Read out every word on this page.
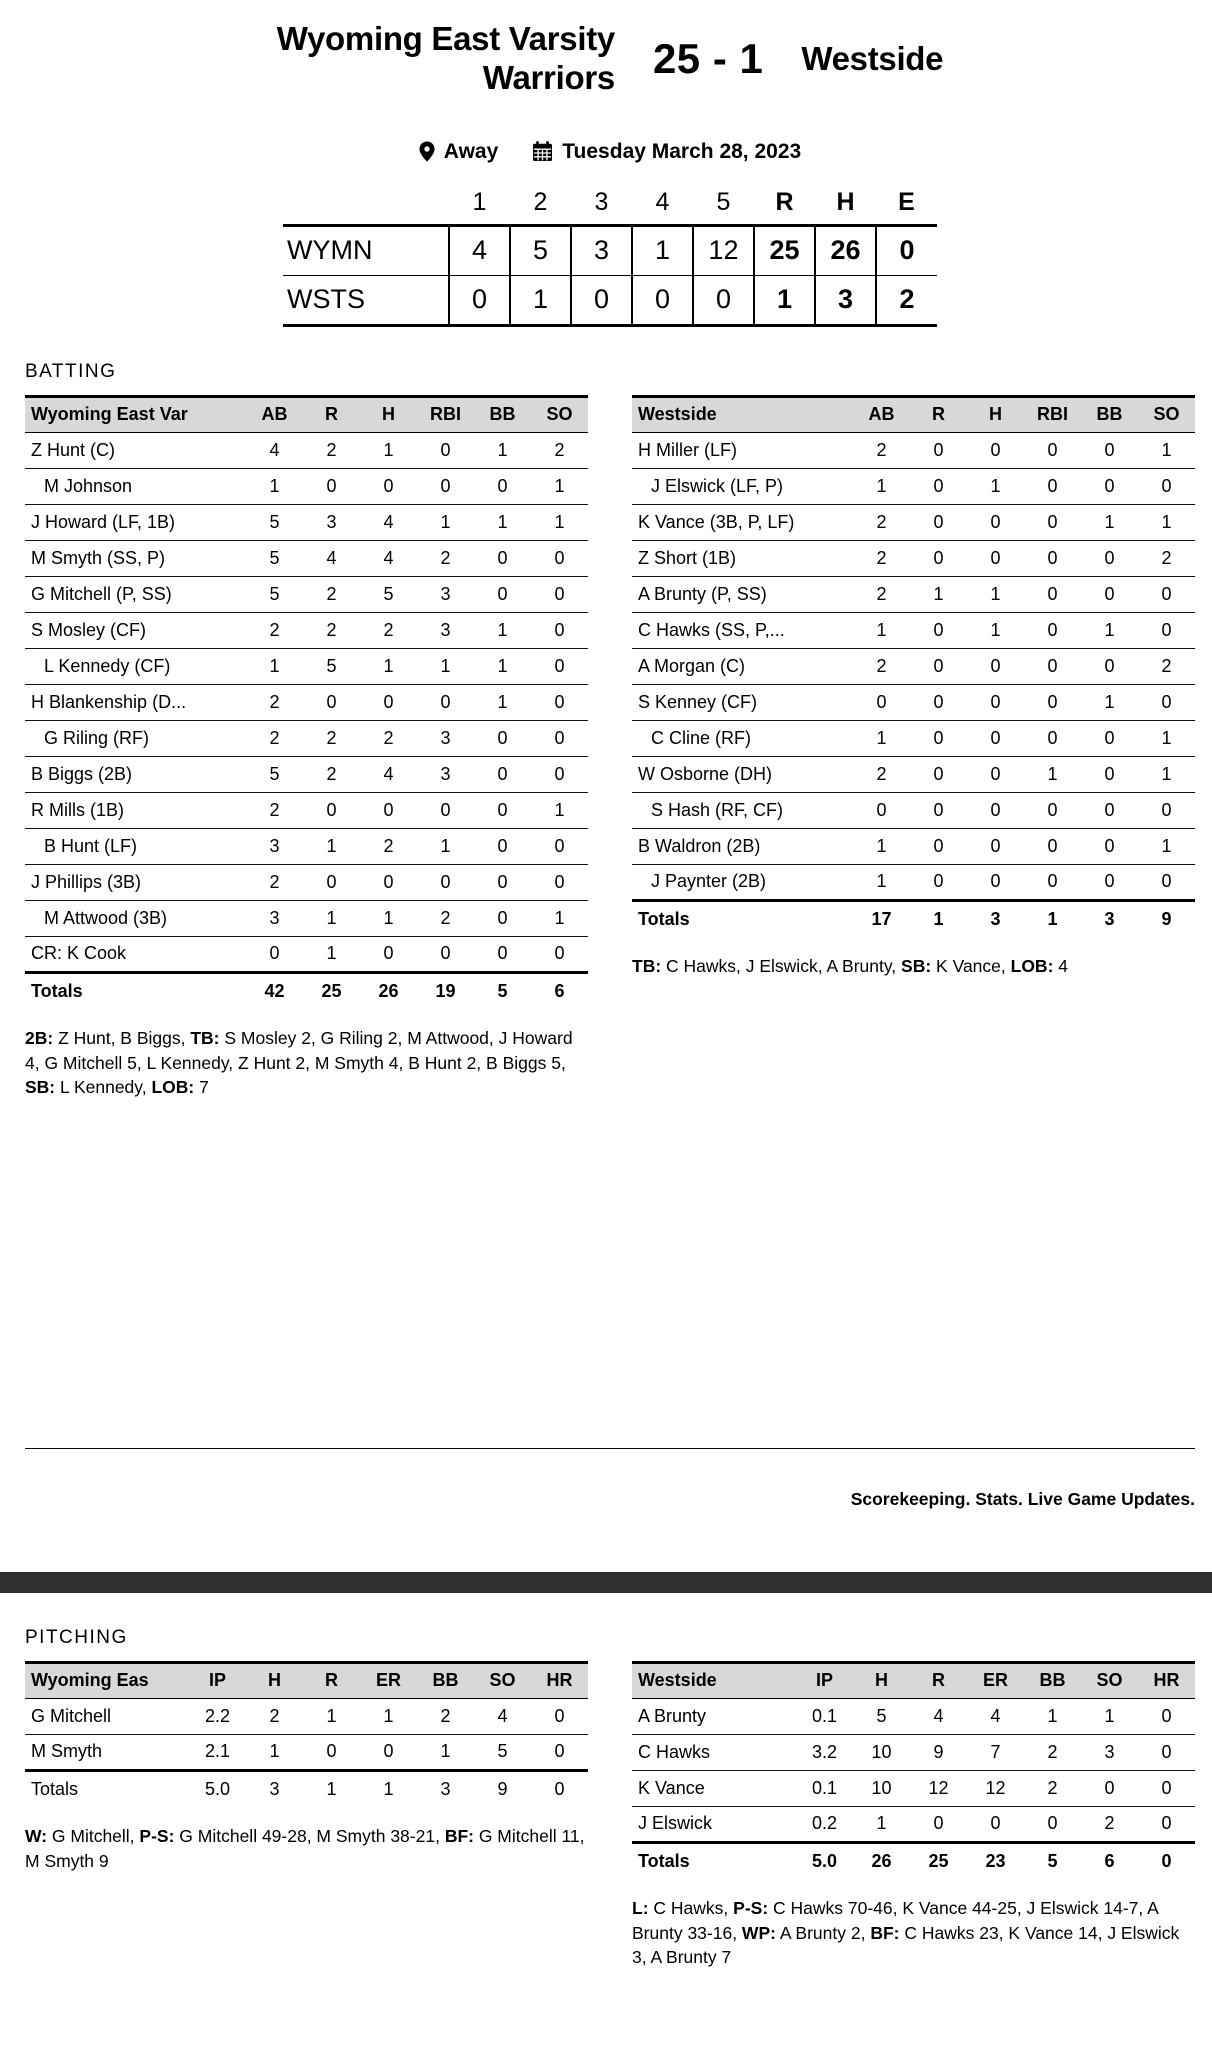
Wyoming East Varsity
Warriors 25 - 1 Westside
Away	Tuesday March 28, 2023
	1	2	3	4	5	R	H	E
WYMN	4	5	3	1	12	25	26	0
WSTS	0	1	0	0	0	1	3	2
BATTING
Wyoming East Var	AB	R	H	RBI	BB	SO
Z Hunt (C)	4	2	1	0	1	2
M Johnson	1	0	0	0	0	1
J Howard (LF, 1B)	5	3	4	1	1	1
M Smyth (SS, P)	5	4	4	2	0	0
G Mitchell (P, SS)	5	2	5	3	0	0
S Mosley (CF)	2	2	2	3	1	0
L Kennedy (CF)	1	5	1	1	1	0
H Blankenship (D...	2	0	0	0	1	0
G Riling (RF)	2	2	2	3	0	0
B Biggs (2B)	5	2	4	3	0	0
R Mills (1B)	2	0	0	0	0	1
B Hunt (LF)	3	1	2	1	0	0
J Phillips (3B)	2	0	0	0	0	0
M Attwood (3B)	3	1	1	2	0	1
CR: K Cook	0	1	0	0	0	0
Totals	42	25	26	19	5	6

2B: Z Hunt, B Biggs, TB: S Mosley 2, G Riling 2, M Attwood, J Howard 4, G Mitchell 5, L Kennedy, Z Hunt 2, M Smyth 4, B Hunt 2, B Biggs 5, SB: L Kennedy, LOB: 7

Westside	AB	R	H	RBI	BB	SO
H Miller (LF)	2	0	0	0	0	1
J Elswick (LF, P)	1	0	1	0	0	0
K Vance (3B, P, LF)	2	0	0	0	1	1
Z Short (1B)	2	0	0	0	0	2
A Brunty (P, SS)	2	1	1	0	0	0
C Hawks (SS, P,...	1	0	1	0	1	0
A Morgan (C)	2	0	0	0	0	2
S Kenney (CF)	0	0	0	0	1	0
C Cline (RF)	1	0	0	0	0	1
W Osborne (DH)	2	0	0	1	0	1
S Hash (RF, CF)	0	0	0	0	0	0
B Waldron (2B)	1	0	0	0	0	1
J Paynter (2B)	1	0	0	0	0	0
Totals	17	1	3	1	3	9

TB: C Hawks, J Elswick, A Brunty, SB: K Vance, LOB: 4

Scorekeeping. Stats. Live Game Updates.
PITCHING
Wyoming Eas	IP	H	R	ER	BB	SO	HR
G Mitchell	2.2	2	1	1	2	4	0
M Smyth	2.1	1	0	0	1	5	0
Totals	5.0	3	1	1	3	9	0

W: G Mitchell, P-S: G Mitchell 49-28, M Smyth 38-21, BF: G Mitchell 11, M Smyth 9

Westside	IP	H	R	ER	BB	SO	HR
A Brunty	0.1	5	4	4	1	1	0
C Hawks	3.2	10	9	7	2	3	0
K Vance	0.1	10	12	12	2	0	0
J Elswick	0.2	1	0	0	0	2	0
Totals	5.0	26	25	23	5	6	0

L: C Hawks, P-S: C Hawks 70-46, K Vance 44-25, J Elswick 14-7, A Brunty 33-16, WP: A Brunty 2, BF: C Hawks 23, K Vance 14, J Elswick 3, A Brunty 7
